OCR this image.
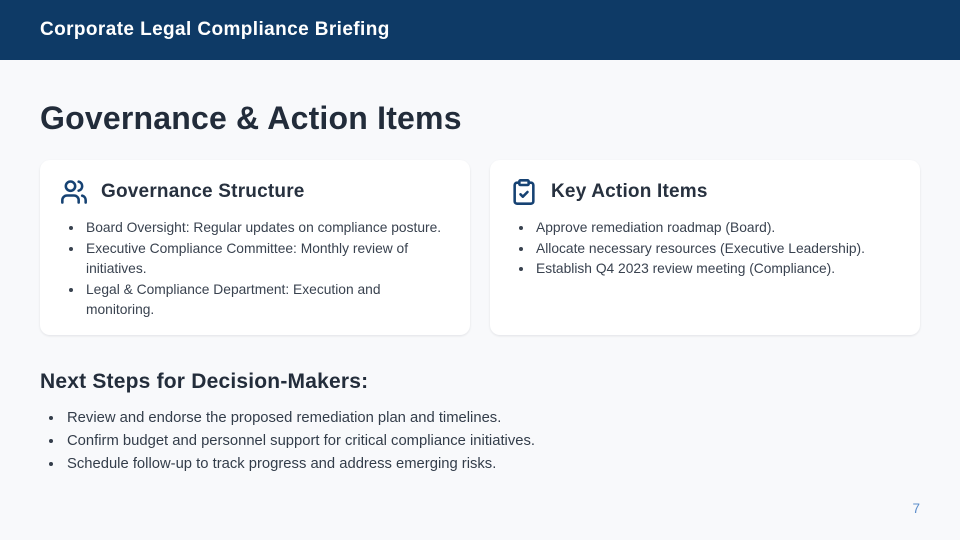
Corporate Legal Compliance Briefing
Governance & Action Items
Governance Structure
• Board Oversight: Regular updates on compliance posture.
• Executive Compliance Committee: Monthly review of initiatives.
• Legal & Compliance Department: Execution and monitoring.
Key Action Items
• Approve remediation roadmap (Board).
• Allocate necessary resources (Executive Leadership).
• Establish Q4 2023 review meeting (Compliance).
Next Steps for Decision-Makers:
• Review and endorse the proposed remediation plan and timelines.
• Confirm budget and personnel support for critical compliance initiatives.
• Schedule follow-up to track progress and address emerging risks.
7
